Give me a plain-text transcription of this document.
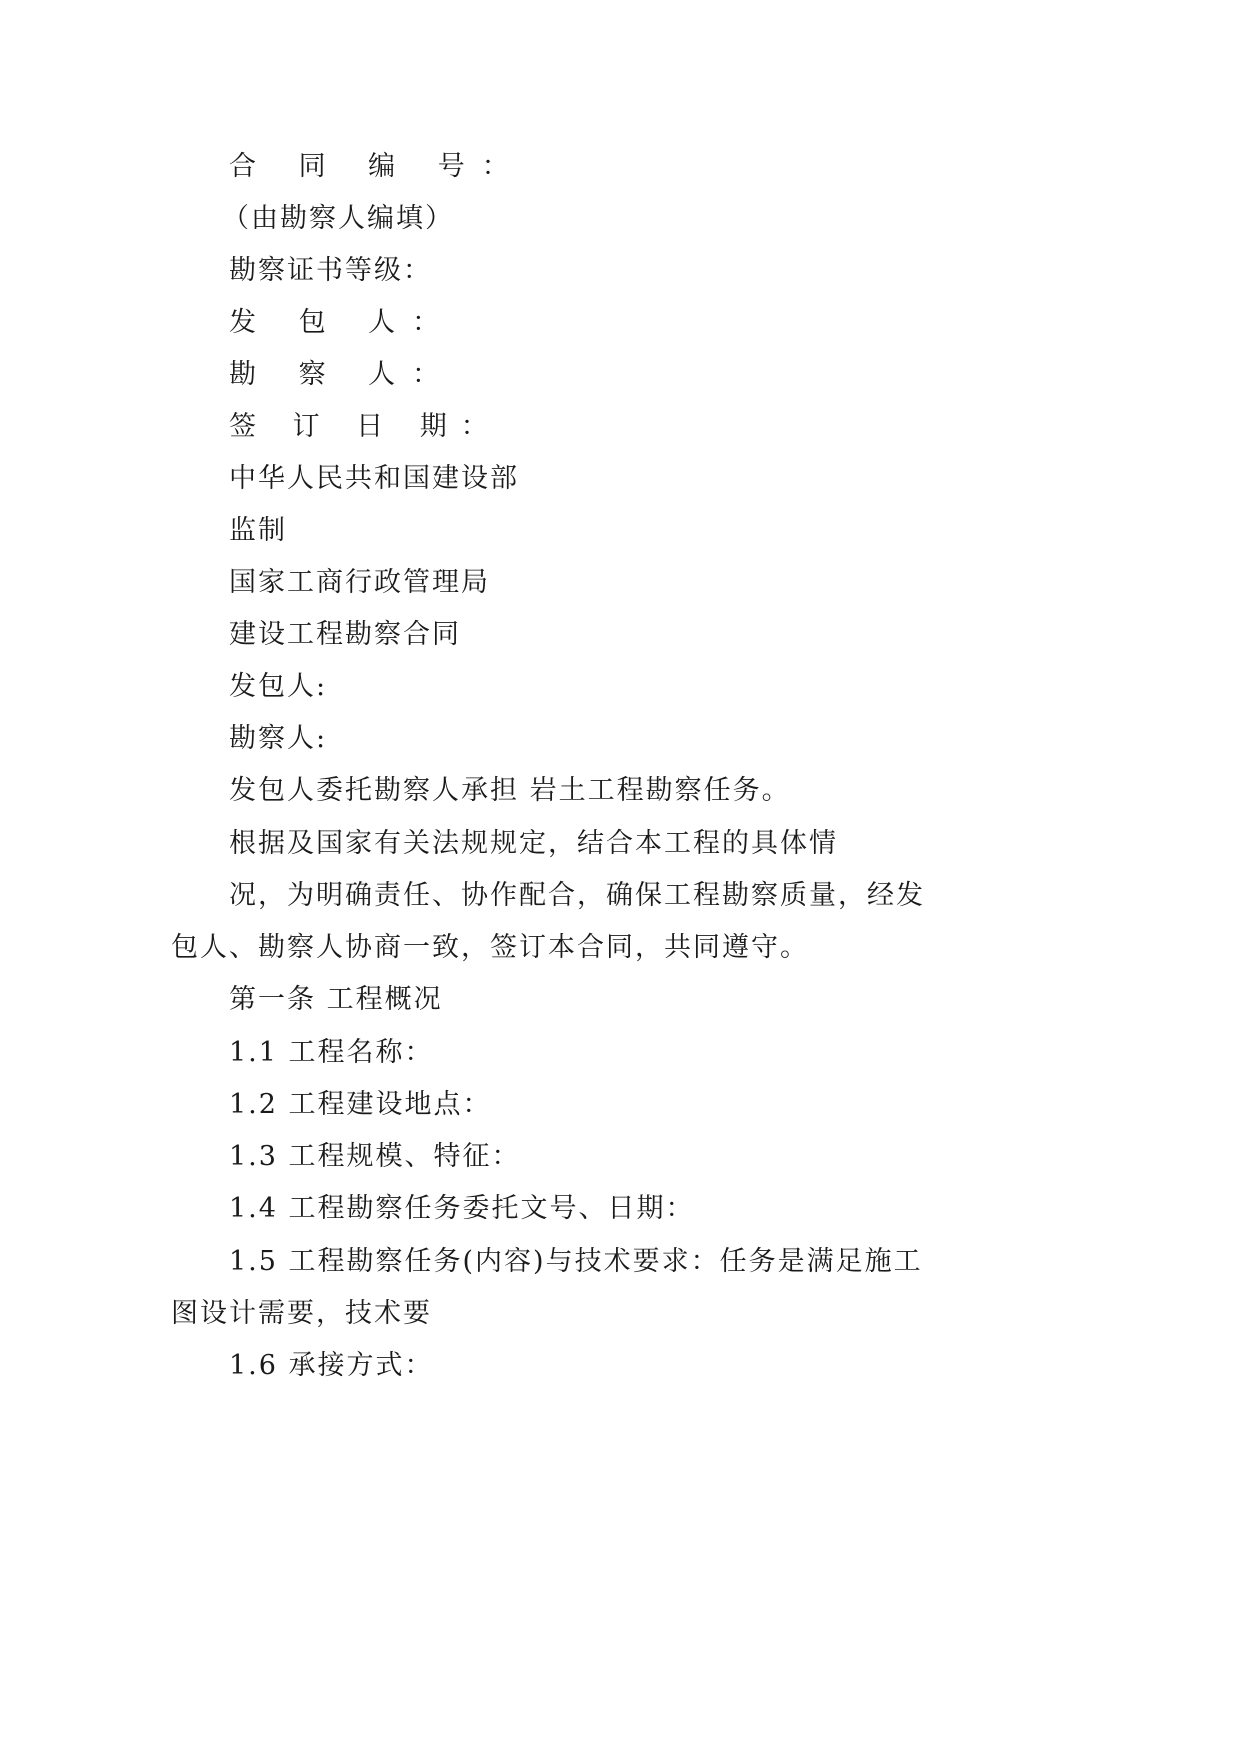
合 同 编 号：

（由勘察人编填）

勘察证书等级：

发 包 人：

勘 察 人：

签 订 日 期：

中华人民共和国建设部

监制

国家工商行政管理局

建设工程勘察合同

发包人:

勘察人:

发包人委托勘察人承担 岩土工程勘察任务。

根据及国家有关法规规定，结合本工程的具体情

况，为明确责任、协作配合，确保工程勘察质量，经发

包人、勘察人协商一致，签订本合同，共同遵守。

第一条 工程概况

1.1 工程名称：

1.2 工程建设地点：

1.3 工程规模、特征：

1.4 工程勘察任务委托文号、日期：

1.5 工程勘察任务(内容)与技术要求：任务是满足施工

图设计需要，技术要

1.6 承接方式：
